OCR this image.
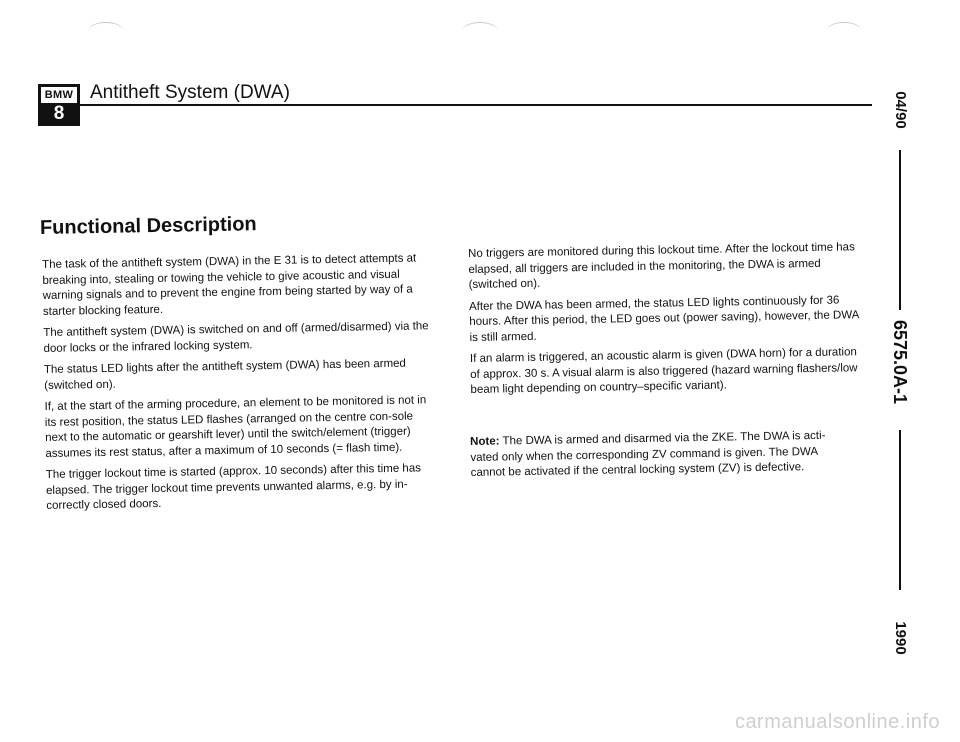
BMW
8
Antitheft System (DWA)	04/90
6575.0A-1
1990
Functional Description

The task of the antitheft system (DWA) in the E 31 is to detect attempts at breaking into, stealing or towing the vehicle to give acoustic and visual warning signals and to prevent the engine from being started by way of a starter blocking feature.

The antitheft system (DWA) is switched on and off (armed/disarmed) via the door locks or the infrared locking system.

The status LED lights after the antitheft system (DWA) has been armed (switched on).

If, at the start of the arming procedure, an element to be monitored is not in its rest position, the status LED flashes (arranged on the centre con-sole next to the automatic or gearshift lever) until the switch/element (trigger) assumes its rest status, after a maximum of 10 seconds (= flash time).

The trigger lockout time is started (approx. 10 seconds) after this time has elapsed. The trigger lockout time prevents unwanted alarms, e.g. by in-correctly closed doors.

No triggers are monitored during this lockout time. After the lockout time has elapsed, all triggers are included in the monitoring, the DWA is armed (switched on).

After the DWA has been armed, the status LED lights continuously for 36 hours. After this period, the LED goes out (power saving), however, the DWA is still armed.

If an alarm is triggered, an acoustic alarm is given (DWA horn) for a duration of approx. 30 s. A visual alarm is also triggered (hazard warning flashers/low beam light depending on country–specific variant).

Note: The DWA is armed and disarmed via the ZKE. The DWA is acti-vated only when the corresponding ZV command is given. The DWA cannot be activated if the central locking system (ZV) is defective.
carmanualsonline.info
